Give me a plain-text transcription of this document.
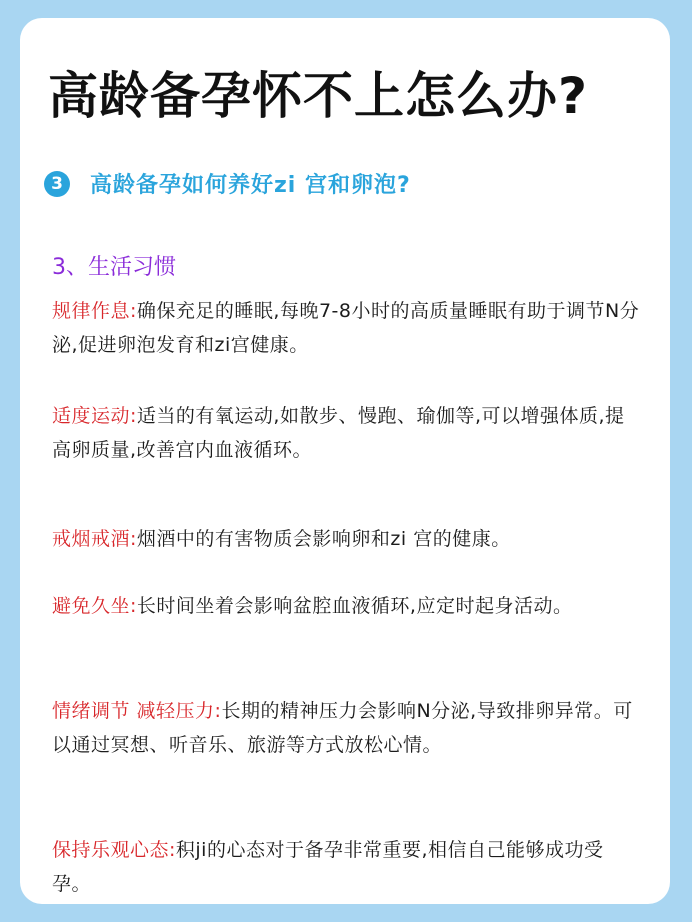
高龄备孕怀不上怎么办?
3	高龄备孕如何养好zi 宫和卵泡?
3、生活习惯

规律作息:确保充足的睡眠,每晚7-8小时的高质量睡眠有助于调节N分泌,促进卵泡发育和zi宫健康。

适度运动:适当的有氧运动,如散步、慢跑、瑜伽等,可以增强体质,提高卵质量,改善宫内血液循环。

戒烟戒酒:烟酒中的有害物质会影响卵和zi 宫的健康。

避免久坐:长时间坐着会影响盆腔血液循环,应定时起身活动。

情绪调节 减轻压力:长期的精神压力会影响N分泌,导致排卵异常。可以通过冥想、听音乐、旅游等方式放松心情。

保持乐观心态:积ji的心态对于备孕非常重要,相信自己能够成功受孕。
